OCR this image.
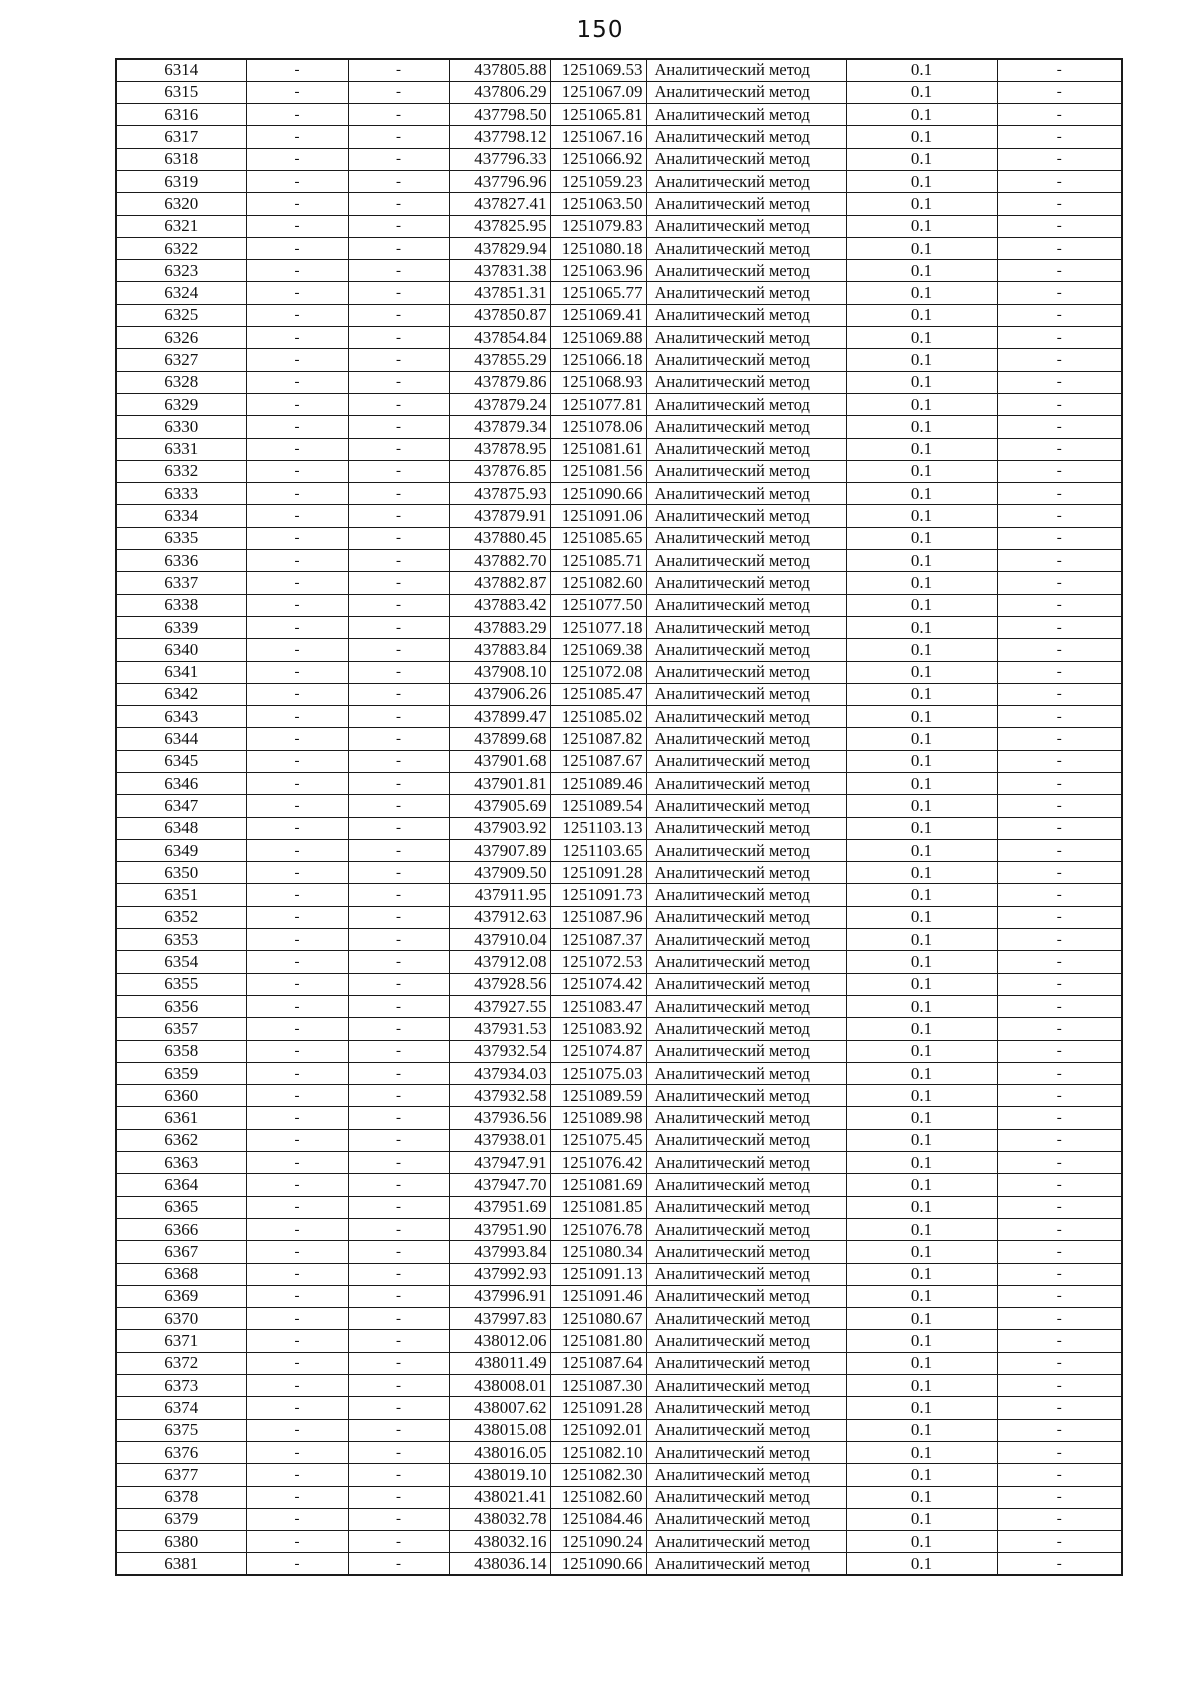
150
6314	-	-	437805.88	1251069.53	Аналитический метод	0.1	-
6315	-	-	437806.29	1251067.09	Аналитический метод	0.1	-
6316	-	-	437798.50	1251065.81	Аналитический метод	0.1	-
6317	-	-	437798.12	1251067.16	Аналитический метод	0.1	-
6318	-	-	437796.33	1251066.92	Аналитический метод	0.1	-
6319	-	-	437796.96	1251059.23	Аналитический метод	0.1	-
6320	-	-	437827.41	1251063.50	Аналитический метод	0.1	-
6321	-	-	437825.95	1251079.83	Аналитический метод	0.1	-
6322	-	-	437829.94	1251080.18	Аналитический метод	0.1	-
6323	-	-	437831.38	1251063.96	Аналитический метод	0.1	-
6324	-	-	437851.31	1251065.77	Аналитический метод	0.1	-
6325	-	-	437850.87	1251069.41	Аналитический метод	0.1	-
6326	-	-	437854.84	1251069.88	Аналитический метод	0.1	-
6327	-	-	437855.29	1251066.18	Аналитический метод	0.1	-
6328	-	-	437879.86	1251068.93	Аналитический метод	0.1	-
6329	-	-	437879.24	1251077.81	Аналитический метод	0.1	-
6330	-	-	437879.34	1251078.06	Аналитический метод	0.1	-
6331	-	-	437878.95	1251081.61	Аналитический метод	0.1	-
6332	-	-	437876.85	1251081.56	Аналитический метод	0.1	-
6333	-	-	437875.93	1251090.66	Аналитический метод	0.1	-
6334	-	-	437879.91	1251091.06	Аналитический метод	0.1	-
6335	-	-	437880.45	1251085.65	Аналитический метод	0.1	-
6336	-	-	437882.70	1251085.71	Аналитический метод	0.1	-
6337	-	-	437882.87	1251082.60	Аналитический метод	0.1	-
6338	-	-	437883.42	1251077.50	Аналитический метод	0.1	-
6339	-	-	437883.29	1251077.18	Аналитический метод	0.1	-
6340	-	-	437883.84	1251069.38	Аналитический метод	0.1	-
6341	-	-	437908.10	1251072.08	Аналитический метод	0.1	-
6342	-	-	437906.26	1251085.47	Аналитический метод	0.1	-
6343	-	-	437899.47	1251085.02	Аналитический метод	0.1	-
6344	-	-	437899.68	1251087.82	Аналитический метод	0.1	-
6345	-	-	437901.68	1251087.67	Аналитический метод	0.1	-
6346	-	-	437901.81	1251089.46	Аналитический метод	0.1	-
6347	-	-	437905.69	1251089.54	Аналитический метод	0.1	-
6348	-	-	437903.92	1251103.13	Аналитический метод	0.1	-
6349	-	-	437907.89	1251103.65	Аналитический метод	0.1	-
6350	-	-	437909.50	1251091.28	Аналитический метод	0.1	-
6351	-	-	437911.95	1251091.73	Аналитический метод	0.1	-
6352	-	-	437912.63	1251087.96	Аналитический метод	0.1	-
6353	-	-	437910.04	1251087.37	Аналитический метод	0.1	-
6354	-	-	437912.08	1251072.53	Аналитический метод	0.1	-
6355	-	-	437928.56	1251074.42	Аналитический метод	0.1	-
6356	-	-	437927.55	1251083.47	Аналитический метод	0.1	-
6357	-	-	437931.53	1251083.92	Аналитический метод	0.1	-
6358	-	-	437932.54	1251074.87	Аналитический метод	0.1	-
6359	-	-	437934.03	1251075.03	Аналитический метод	0.1	-
6360	-	-	437932.58	1251089.59	Аналитический метод	0.1	-
6361	-	-	437936.56	1251089.98	Аналитический метод	0.1	-
6362	-	-	437938.01	1251075.45	Аналитический метод	0.1	-
6363	-	-	437947.91	1251076.42	Аналитический метод	0.1	-
6364	-	-	437947.70	1251081.69	Аналитический метод	0.1	-
6365	-	-	437951.69	1251081.85	Аналитический метод	0.1	-
6366	-	-	437951.90	1251076.78	Аналитический метод	0.1	-
6367	-	-	437993.84	1251080.34	Аналитический метод	0.1	-
6368	-	-	437992.93	1251091.13	Аналитический метод	0.1	-
6369	-	-	437996.91	1251091.46	Аналитический метод	0.1	-
6370	-	-	437997.83	1251080.67	Аналитический метод	0.1	-
6371	-	-	438012.06	1251081.80	Аналитический метод	0.1	-
6372	-	-	438011.49	1251087.64	Аналитический метод	0.1	-
6373	-	-	438008.01	1251087.30	Аналитический метод	0.1	-
6374	-	-	438007.62	1251091.28	Аналитический метод	0.1	-
6375	-	-	438015.08	1251092.01	Аналитический метод	0.1	-
6376	-	-	438016.05	1251082.10	Аналитический метод	0.1	-
6377	-	-	438019.10	1251082.30	Аналитический метод	0.1	-
6378	-	-	438021.41	1251082.60	Аналитический метод	0.1	-
6379	-	-	438032.78	1251084.46	Аналитический метод	0.1	-
6380	-	-	438032.16	1251090.24	Аналитический метод	0.1	-
6381	-	-	438036.14	1251090.66	Аналитический метод	0.1	-
